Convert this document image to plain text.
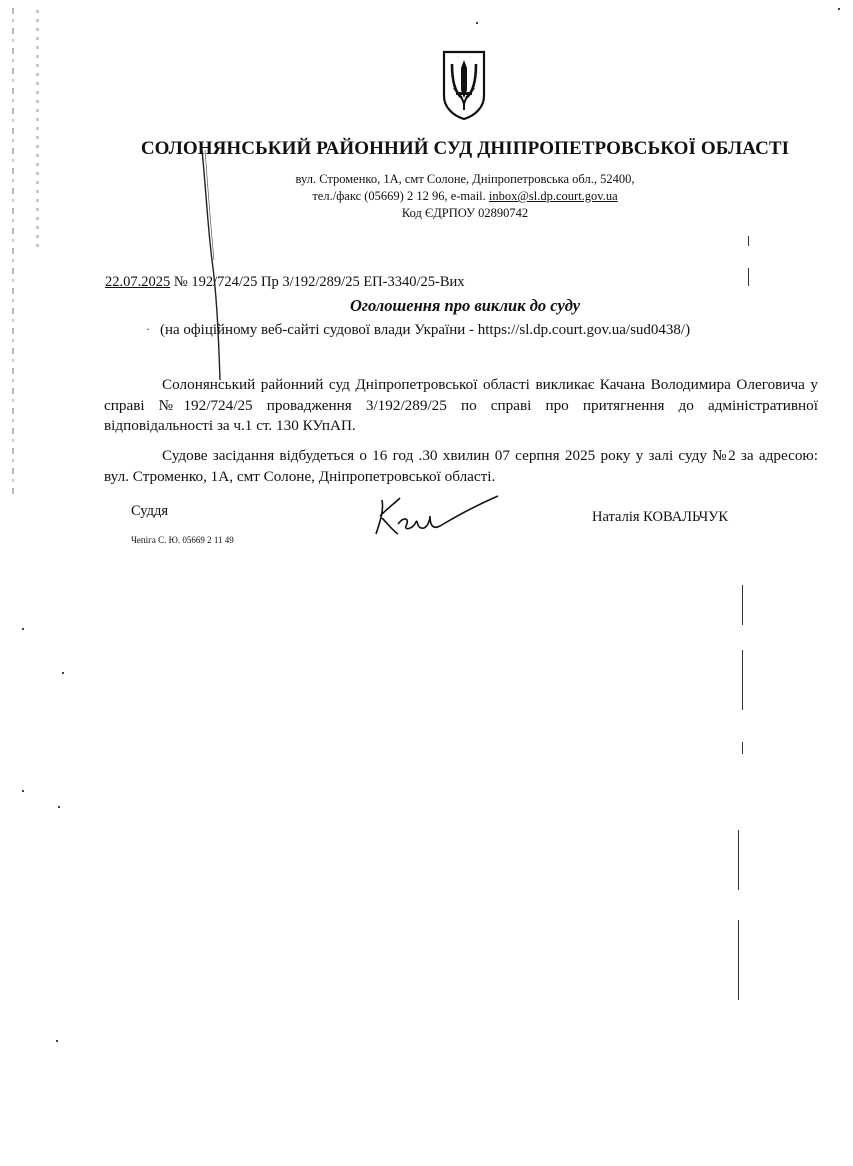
СОЛОНЯНСЬКИЙ РАЙОННИЙ СУД ДНІПРОПЕТРОВСЬКОЇ ОБЛАСТІ
вул. Строменко, 1А, смт Солоне, Дніпропетровська обл., 52400,
тел./факс (05669) 2 12 96, e-mail. inbox@sl.dp.court.gov.ua
Код ЄДРПОУ 02890742
22.07.2025 № 192/724/25 Пр 3/192/289/25 ЕП-3340/25-Вих
Оголошення про виклик до суду
· (на офіційному веб-сайті судової влади України - https://sl.dp.court.gov.ua/sud0438/)
Солонянський районний суд Дніпропетровської області викликає Качана Володимира Олеговича у справі №192/724/25 провадження 3/192/289/25 по справі про притягнення до адміністративної відповідальності за ч.1 ст. 130 КУпАП.
Судове засідання відбудеться о 16 год .30 хвилин 07 серпня 2025 року у залі суду №2 за адресою: вул. Строменко, 1А, смт Солоне, Дніпропетровської області.
Суддя	Наталія КОВАЛЬЧУК
Чепіга С. Ю. 05669 2 11 49
